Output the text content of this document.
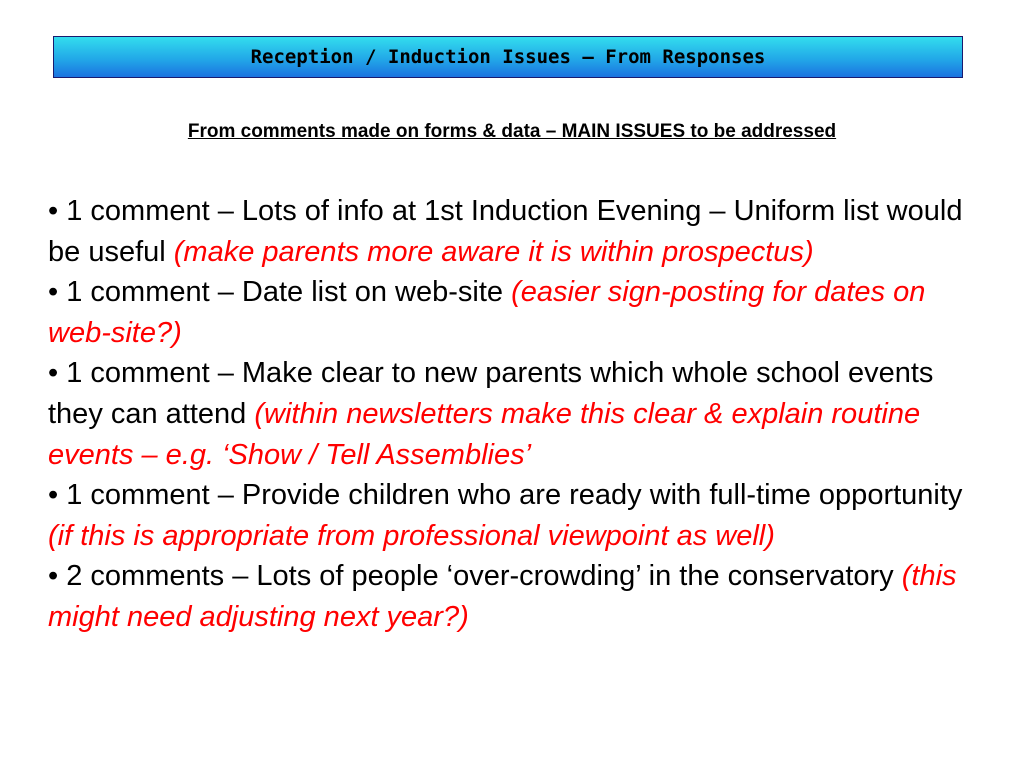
Reception / Induction Issues – From Responses
From comments made on forms & data – MAIN ISSUES to be addressed

• 1 comment – Lots of info at 1st Induction Evening – Uniform list would be useful (make parents more aware it is within prospectus)

• 1 comment – Date list on web-site (easier sign-posting for dates on web-site?)

• 1 comment – Make clear to new parents which whole school events they can attend (within newsletters make this clear & explain routine events – e.g. ‘Show / Tell Assemblies’

• 1 comment – Provide children who are ready with full-time opportunity (if this is appropriate from professional viewpoint as well)

• 2 comments – Lots of people ‘over-crowding’ in the conservatory (this might need adjusting next year?)
